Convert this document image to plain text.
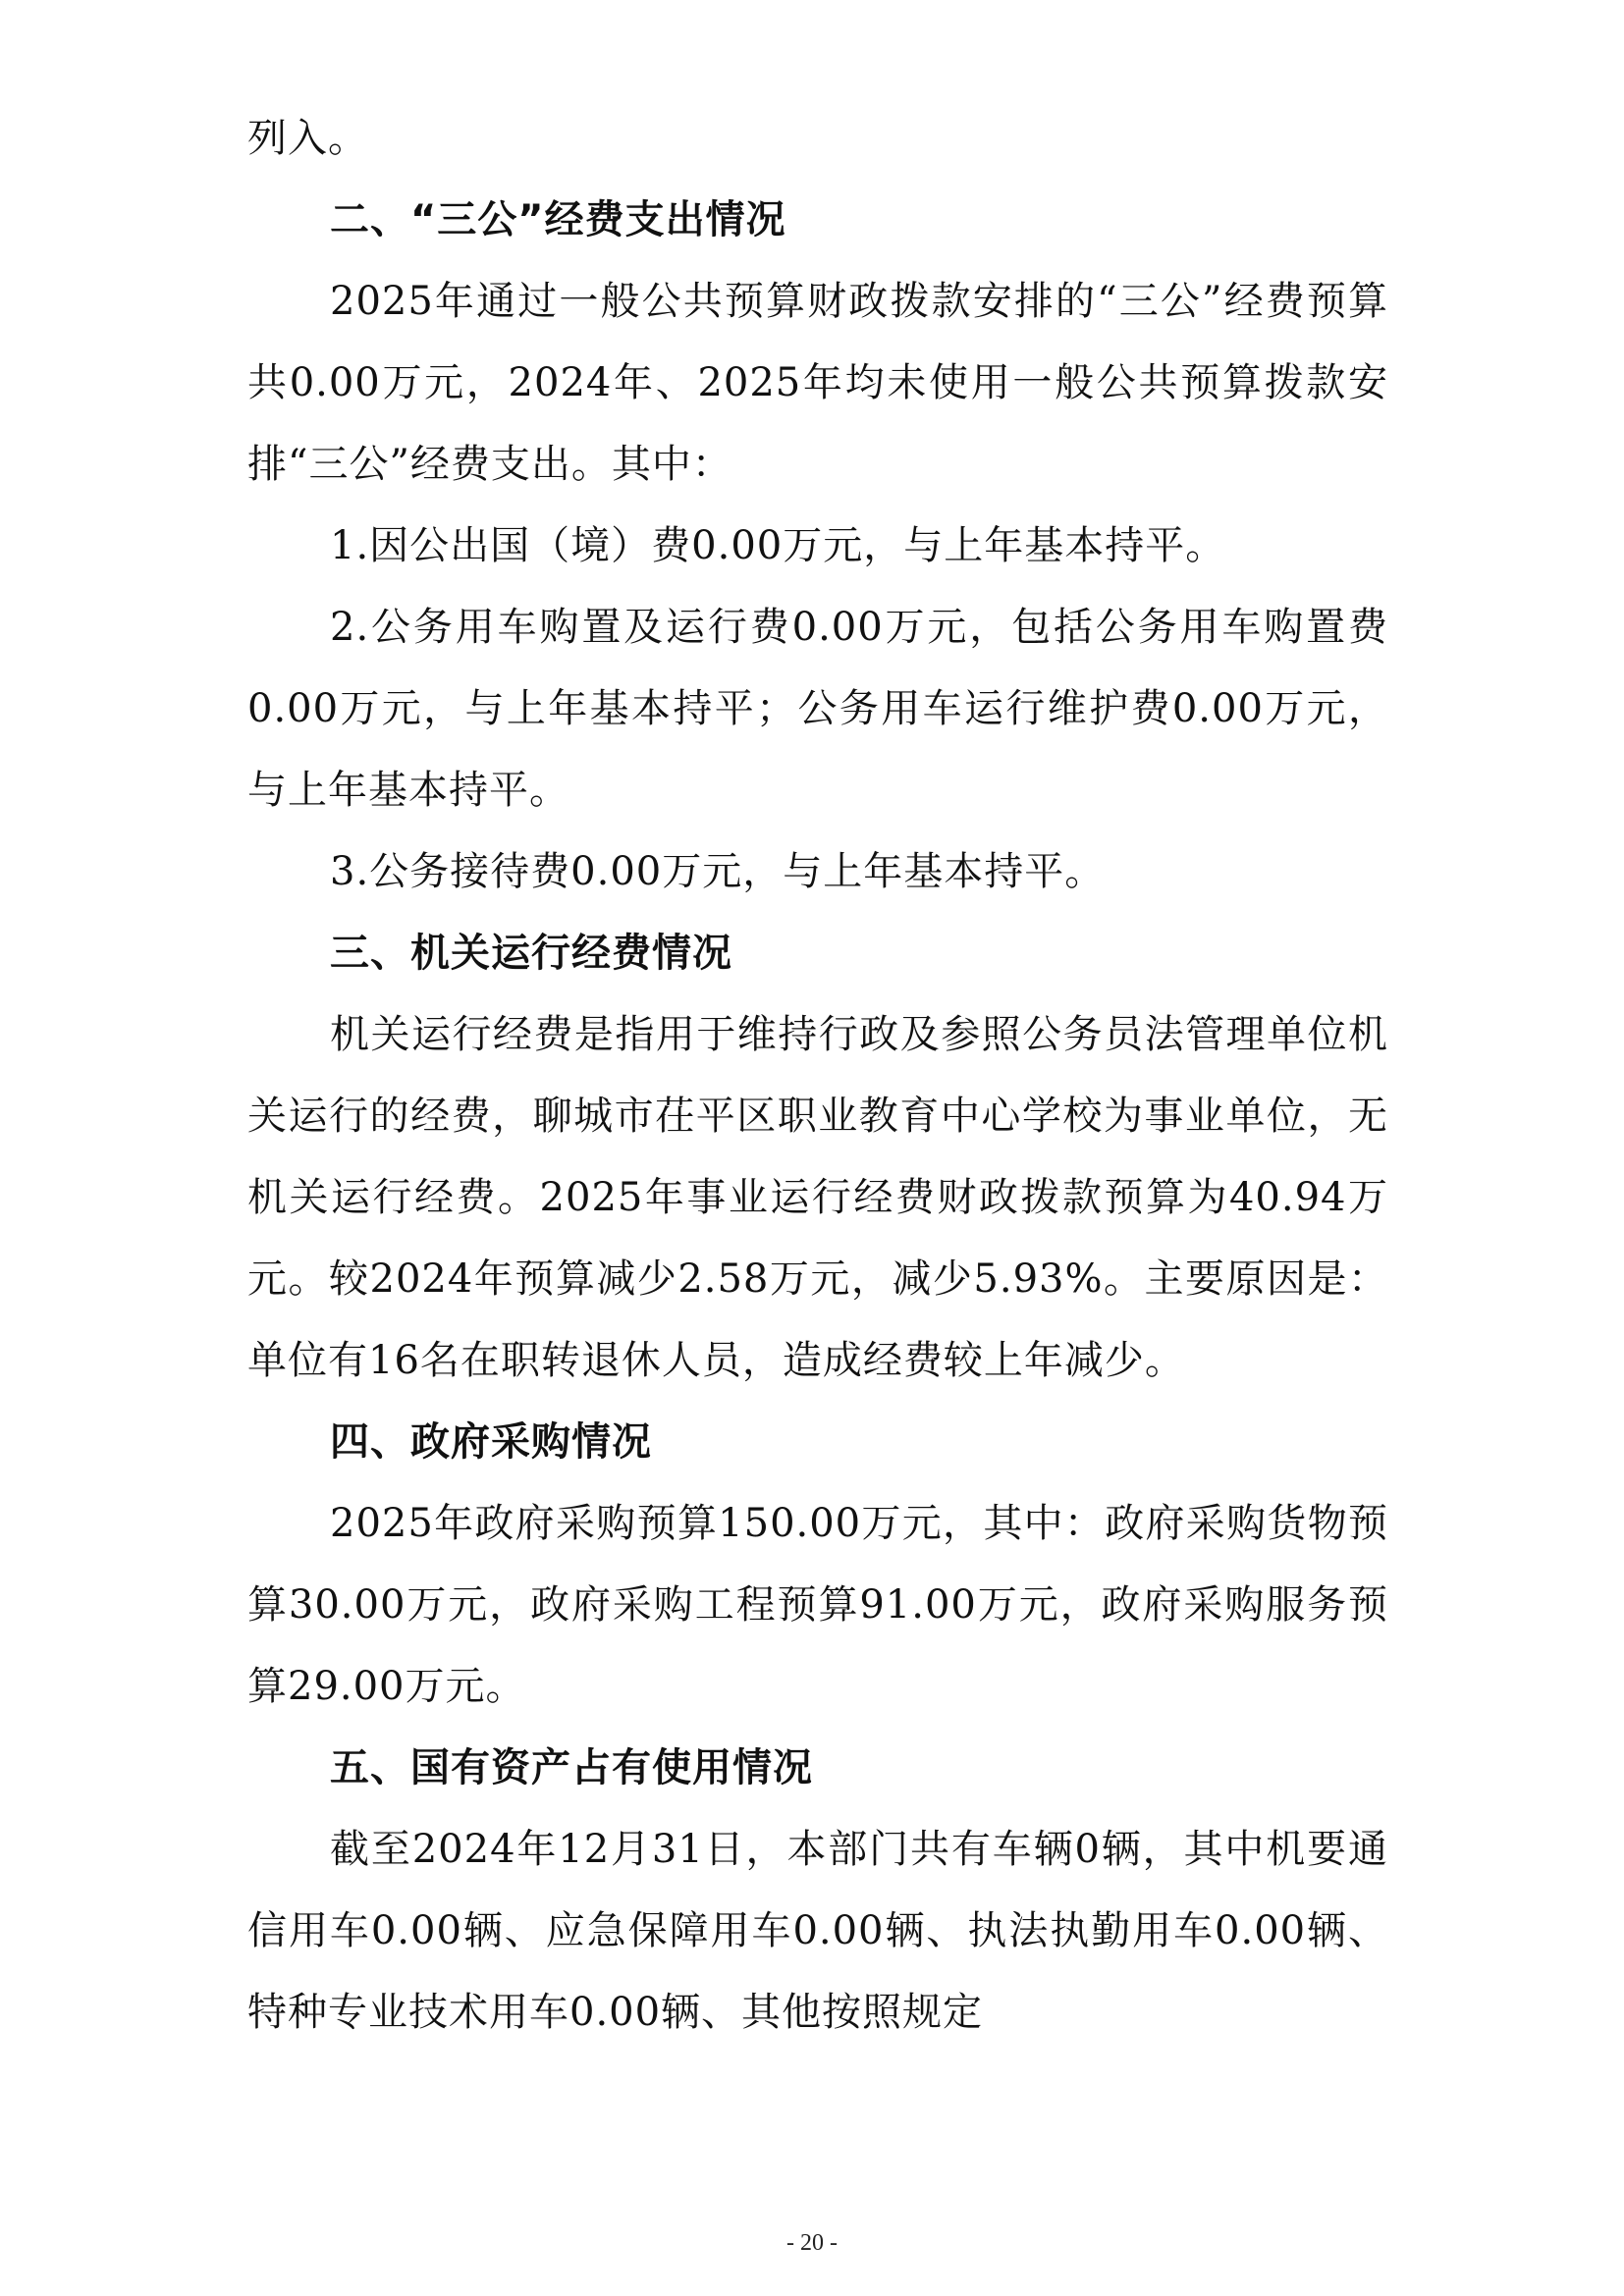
列入。

二、“三公”经费支出情况

2025年通过一般公共预算财政拨款安排的“三公”经费预算共0.00万元，2024年、2025年均未使用一般公共预算拨款安排“三公”经费支出。其中：

1.因公出国（境）费0.00万元，与上年基本持平。

2.公务用车购置及运行费0.00万元，包括公务用车购置费0.00万元，与上年基本持平；公务用车运行维护费0.00万元，与上年基本持平。

3.公务接待费0.00万元，与上年基本持平。

三、机关运行经费情况

机关运行经费是指用于维持行政及参照公务员法管理单位机关运行的经费，聊城市茌平区职业教育中心学校为事业单位，无机关运行经费。2025年事业运行经费财政拨款预算为40.94万元。较2024年预算减少2.58万元，减少5.93%。主要原因是：单位有16名在职转退休人员，造成经费较上年减少。

四、政府采购情况

2025年政府采购预算150.00万元，其中：政府采购货物预算30.00万元，政府采购工程预算91.00万元，政府采购服务预算29.00万元。

五、国有资产占有使用情况

截至2024年12月31日，本部门共有车辆0辆，其中机要通信用车0.00辆、应急保障用车0.00辆、执法执勤用车0.00辆、特种专业技术用车0.00辆、其他按照规定

- 20 -
